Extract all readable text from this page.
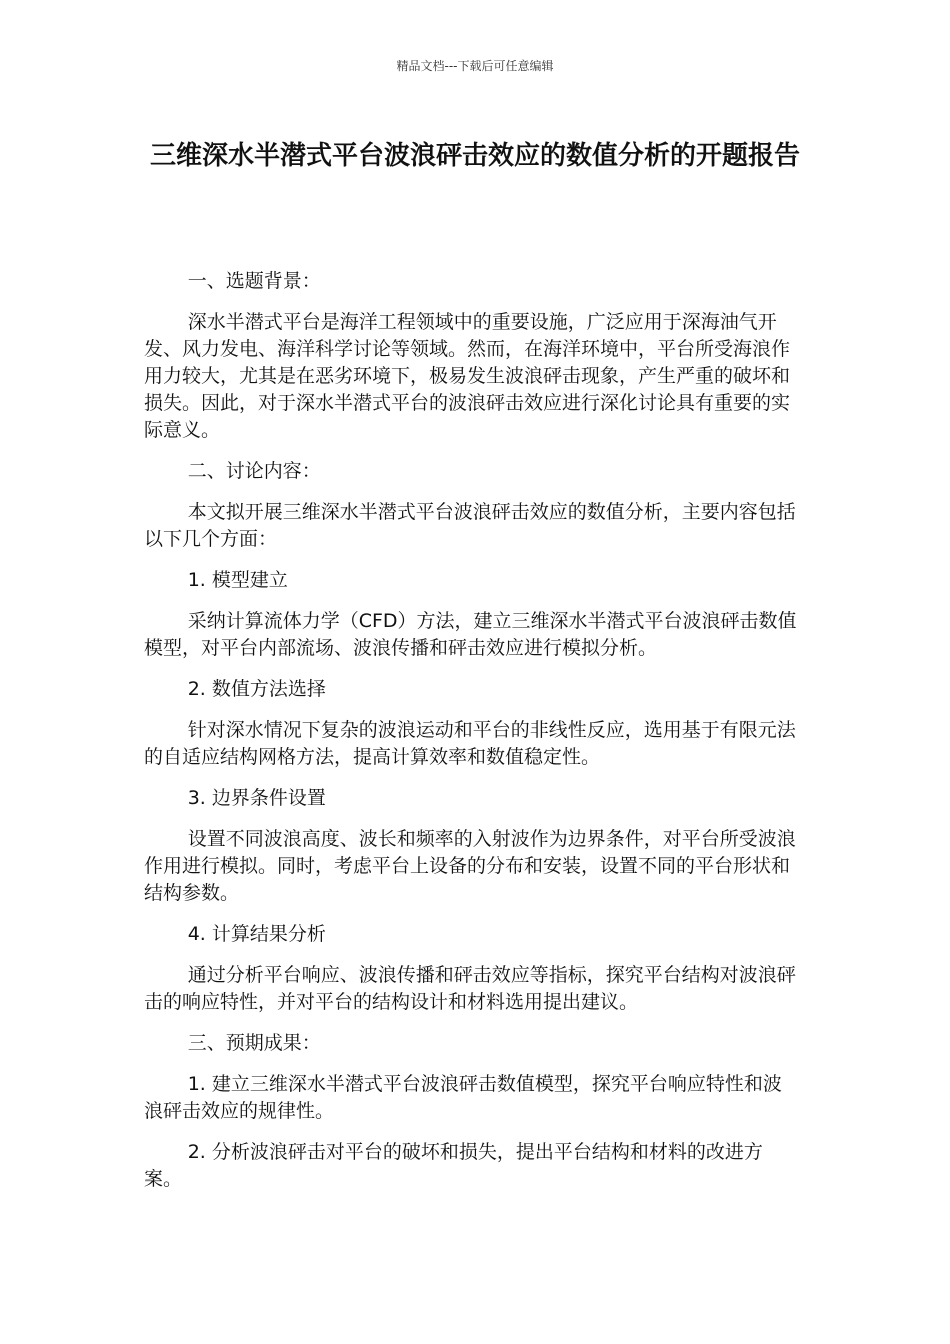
精品文档---下载后可任意编辑
三维深水半潜式平台波浪砰击效应的数值分析的开题报告

一、选题背景：

深水半潜式平台是海洋工程领域中的重要设施，广泛应用于深海油气开发、风力发电、海洋科学讨论等领域。然而，在海洋环境中，平台所受海浪作用力较大，尤其是在恶劣环境下，极易发生波浪砰击现象，产生严重的破坏和损失。因此，对于深水半潜式平台的波浪砰击效应进行深化讨论具有重要的实际意义。

二、讨论内容：

本文拟开展三维深水半潜式平台波浪砰击效应的数值分析，主要内容包括以下几个方面：

1. 模型建立

采纳计算流体力学（CFD）方法，建立三维深水半潜式平台波浪砰击数值模型，对平台内部流场、波浪传播和砰击效应进行模拟分析。

2. 数值方法选择

针对深水情况下复杂的波浪运动和平台的非线性反应，选用基于有限元法的自适应结构网格方法，提高计算效率和数值稳定性。

3. 边界条件设置

设置不同波浪高度、波长和频率的入射波作为边界条件，对平台所受波浪作用进行模拟。同时，考虑平台上设备的分布和安装，设置不同的平台形状和结构参数。

4. 计算结果分析

通过分析平台响应、波浪传播和砰击效应等指标，探究平台结构对波浪砰击的响应特性，并对平台的结构设计和材料选用提出建议。

三、预期成果：

1. 建立三维深水半潜式平台波浪砰击数值模型，探究平台响应特性和波浪砰击效应的规律性。

2. 分析波浪砰击对平台的破坏和损失，提出平台结构和材料的改进方案。
